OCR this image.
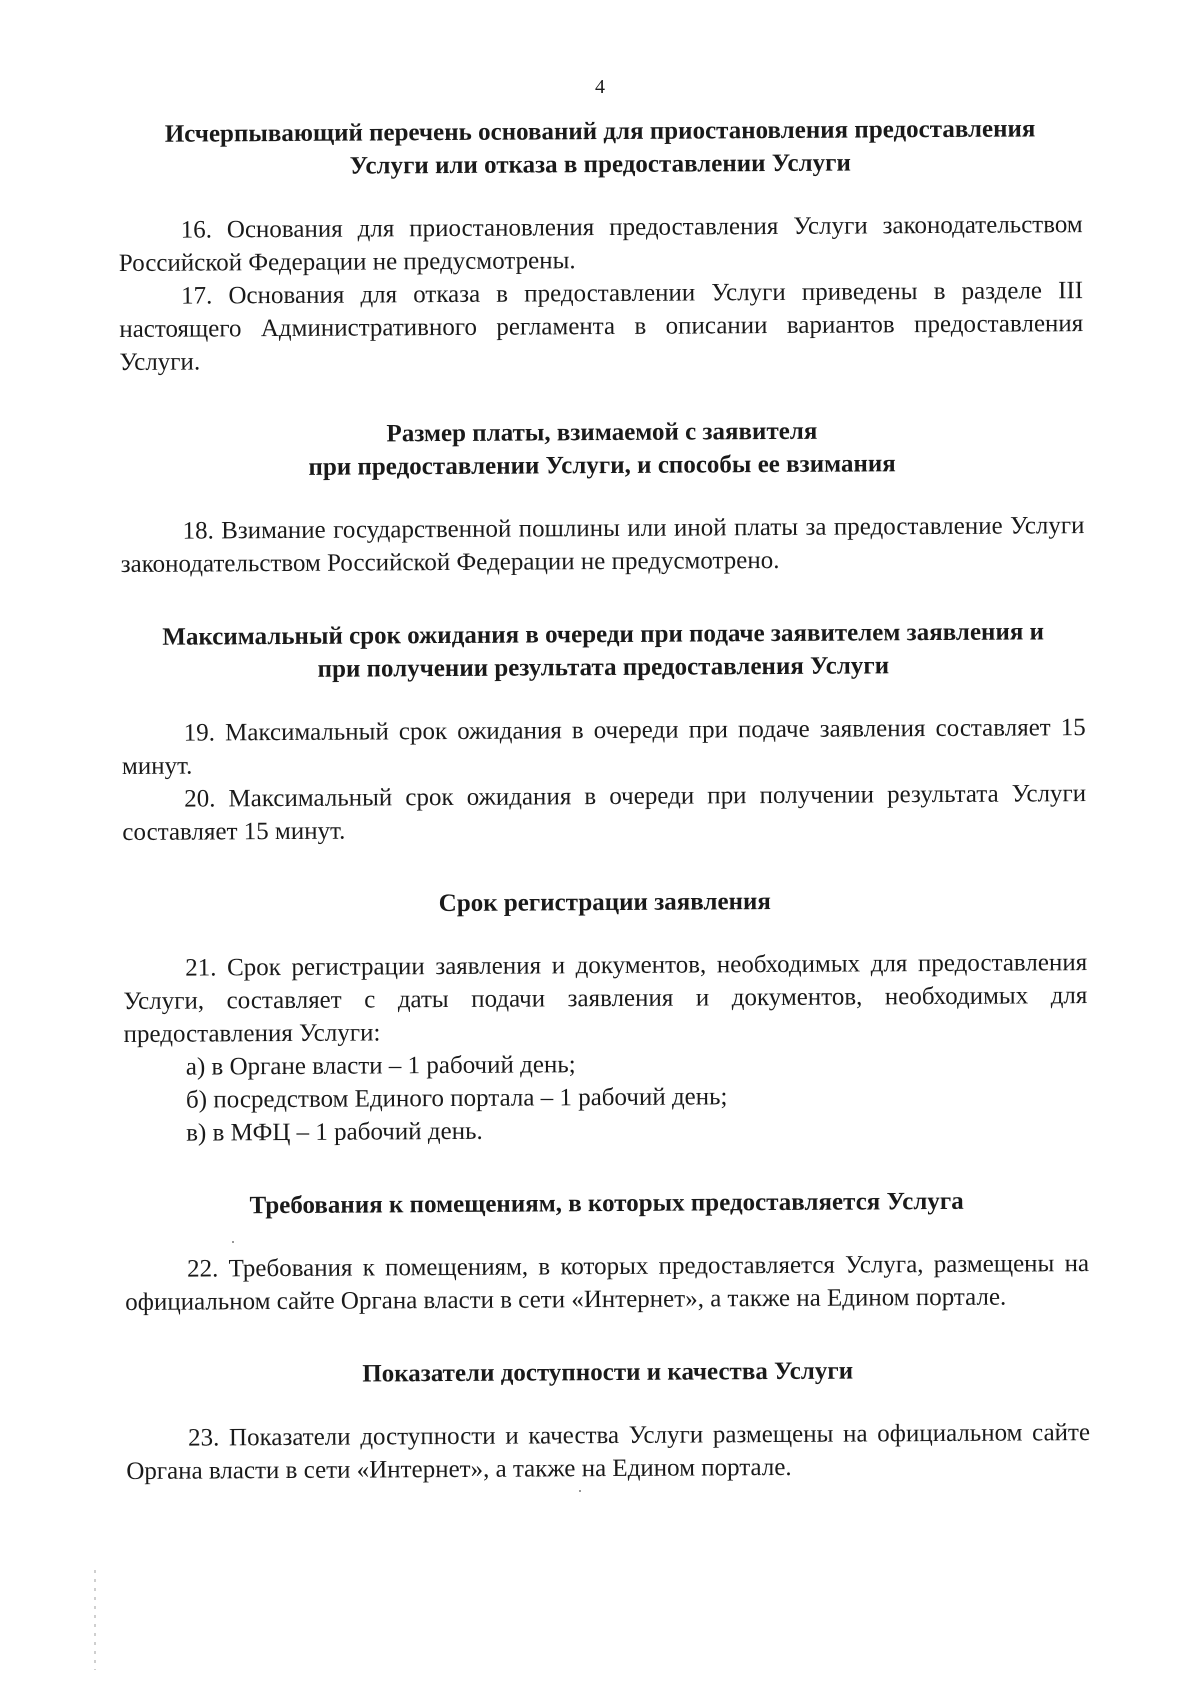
4

Исчерпывающий перечень оснований для приостановления предоставления

Услуги или отказа в предоставлении Услуги

16. Основания для приостановления предоставления Услуги законодательством Российской Федерации не предусмотрены.

17. Основания для отказа в предоставлении Услуги приведены в разделе III настоящего Административного регламента в описании вариантов предоставления Услуги.

Размер платы, взимаемой с заявителя

при предоставлении Услуги, и способы ее взимания

18. Взимание государственной пошлины или иной платы за предоставление Услуги законодательством Российской Федерации не предусмотрено.

Максимальный срок ожидания в очереди при подаче заявителем заявления и

при получении результата предоставления Услуги

19. Максимальный срок ожидания в очереди при подаче заявления составляет 15 минут.

20. Максимальный срок ожидания в очереди при получении результата Услуги составляет 15 минут.

Срок регистрации заявления

21. Срок регистрации заявления и документов, необходимых для предоставления Услуги, составляет с даты подачи заявления и документов, необходимых для предоставления Услуги:

а) в Органе власти – 1 рабочий день;

б) посредством Единого портала – 1 рабочий день;

в) в МФЦ – 1 рабочий день.

Требования к помещениям, в которых предоставляется Услуга

22. Требования к помещениям, в которых предоставляется Услуга, размещены на официальном сайте Органа власти в сети «Интернет», а также на Едином портале.

Показатели доступности и качества Услуги

23. Показатели доступности и качества Услуги размещены на официальном сайте Органа власти в сети «Интернет», а также на Едином портале.
